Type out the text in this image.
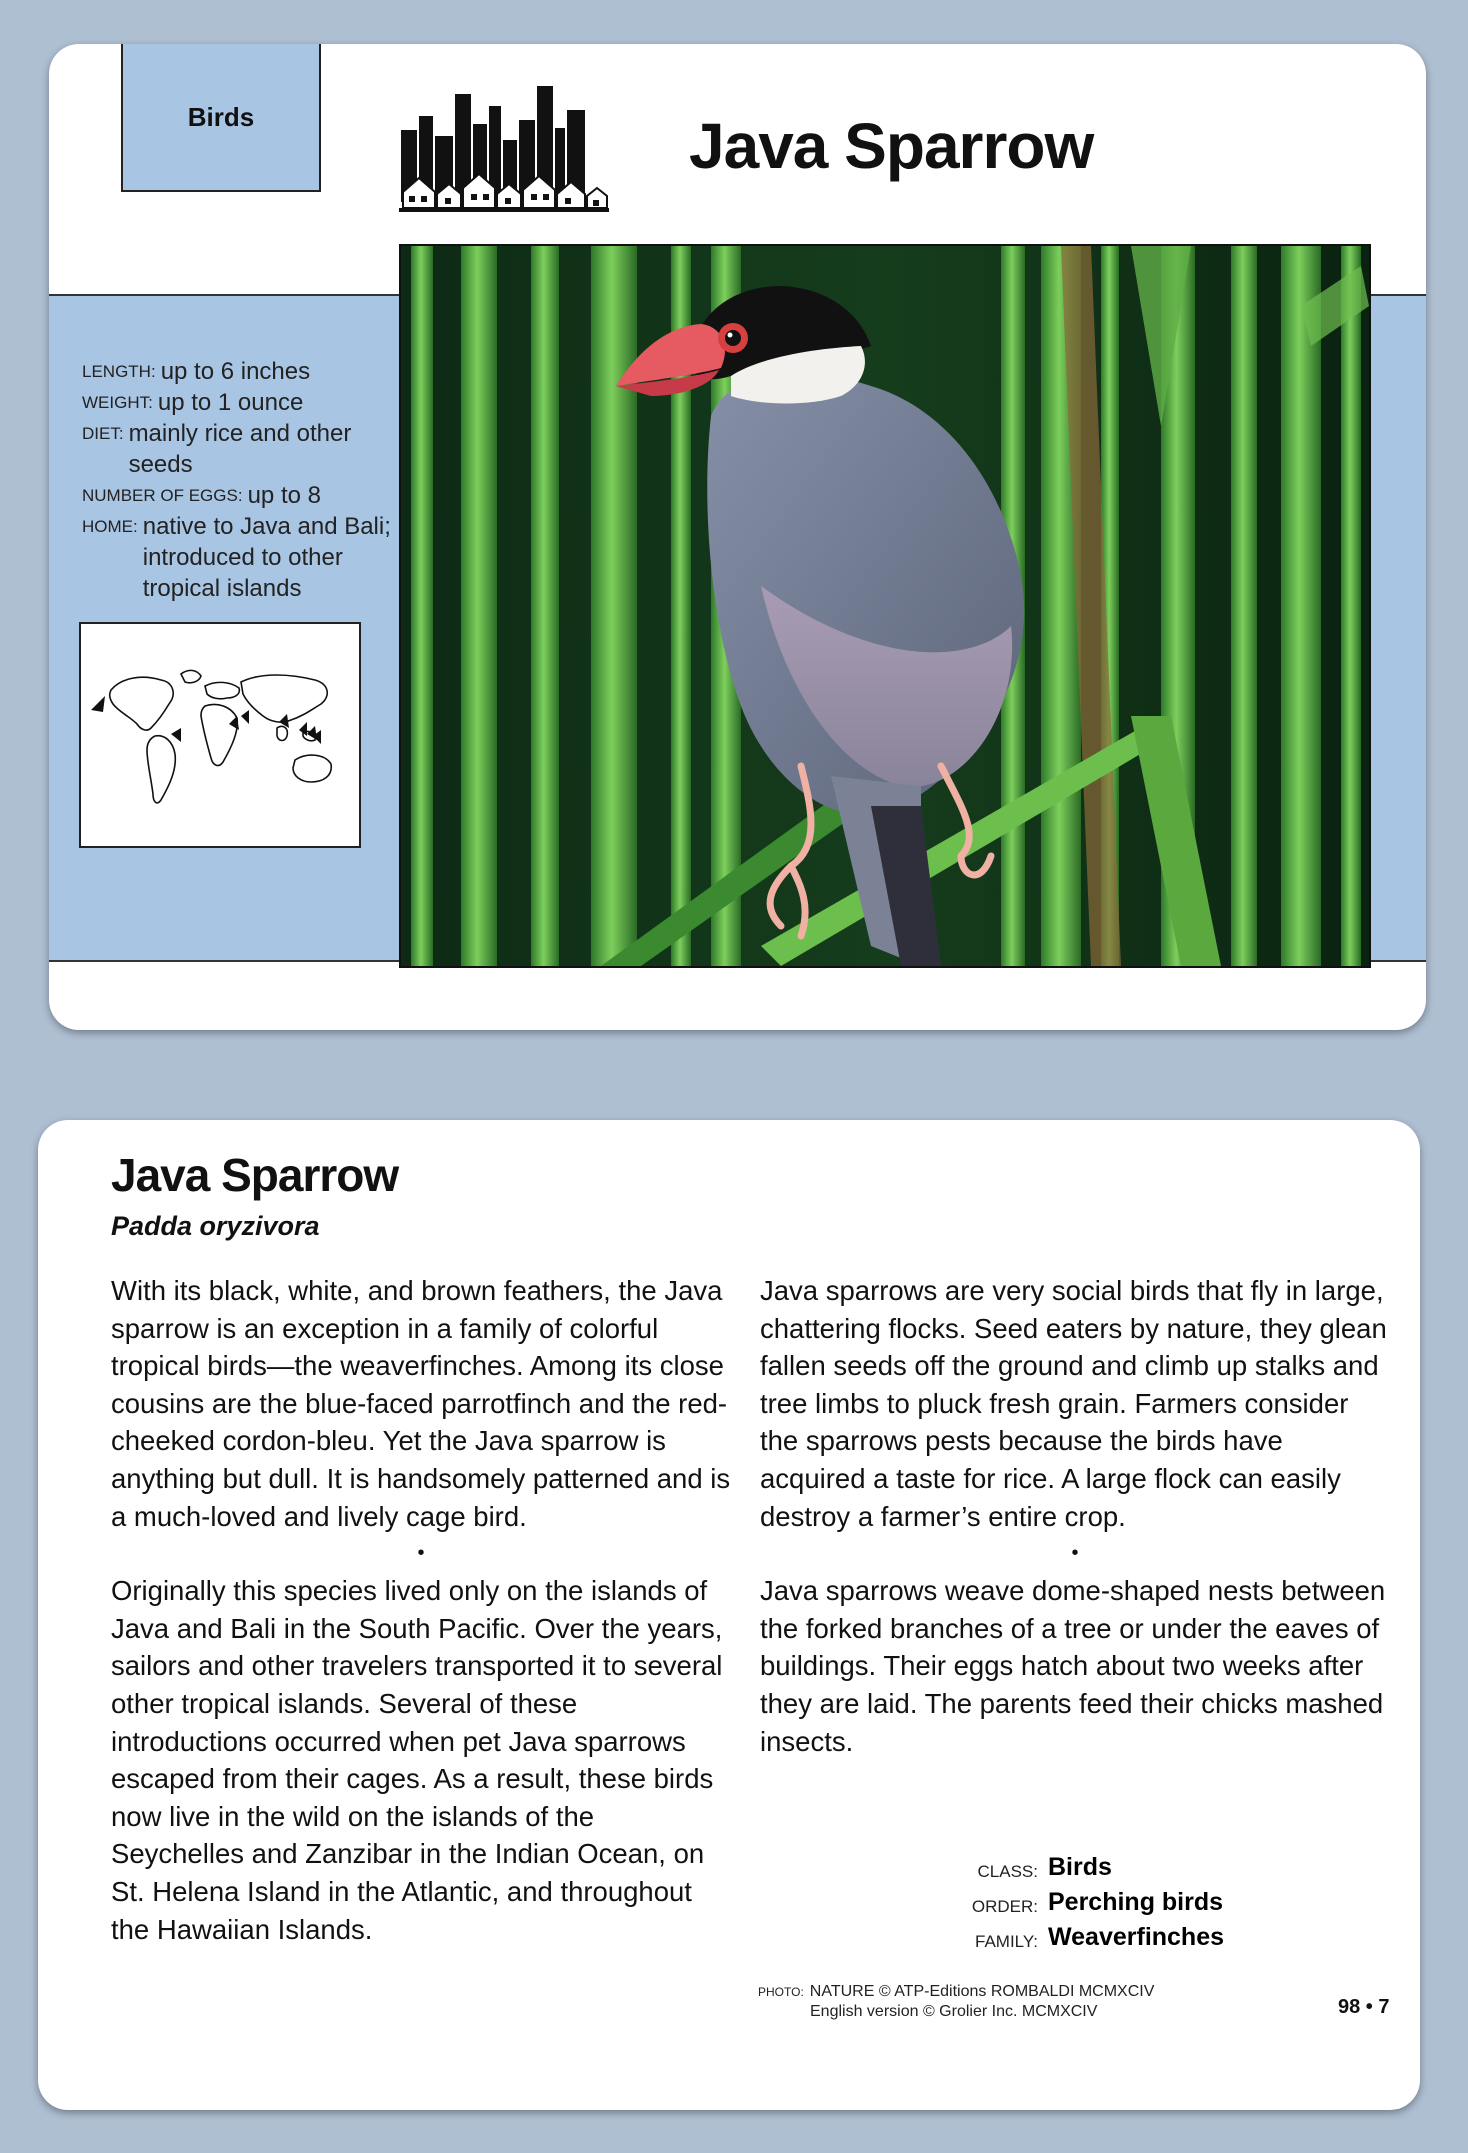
Birds	Java Sparrow
LENGTH: up to 6 inches
WEIGHT: up to 1 ounce
DIET: mainly rice and other seeds
NUMBER OF EGGS: up to 8
HOME: native to Java and Bali; introduced to other tropical islands
Java Sparrow
Padda oryzivora

With its black, white, and brown feathers, the Java sparrow is an exception in a family of colorful tropical birds—the weaverfinches. Among its close cousins are the blue-faced parrotfinch and the red-cheeked cordon-bleu. Yet the Java sparrow is anything but dull. It is handsomely patterned and is a much-loved and lively cage bird.

•

Originally this species lived only on the islands of Java and Bali in the South Pacific. Over the years, sailors and other travelers transported it to several other tropical islands. Several of these introductions occurred when pet Java sparrows escaped from their cages. As a result, these birds now live in the wild on the islands of the Seychelles and Zanzibar in the Indian Ocean, on St. Helena Island in the Atlantic, and throughout the Hawaiian Islands.

Java sparrows are very social birds that fly in large, chattering flocks. Seed eaters by nature, they glean fallen seeds off the ground and climb up stalks and tree limbs to pluck fresh grain. Farmers consider the sparrows pests because the birds have acquired a taste for rice. A large flock can easily destroy a farmer’s entire crop.

•

Java sparrows weave dome-shaped nests between the forked branches of a tree or under the eaves of buildings. Their eggs hatch about two weeks after they are laid. The parents feed their chicks mashed insects.

CLASS: Birds
ORDER: Perching birds
FAMILY: Weaverfinches
PHOTO: NATURE © ATP-Editions ROMBALDI MCMXCIV
English version © Grolier Inc. MCMXCIV	98 • 7
